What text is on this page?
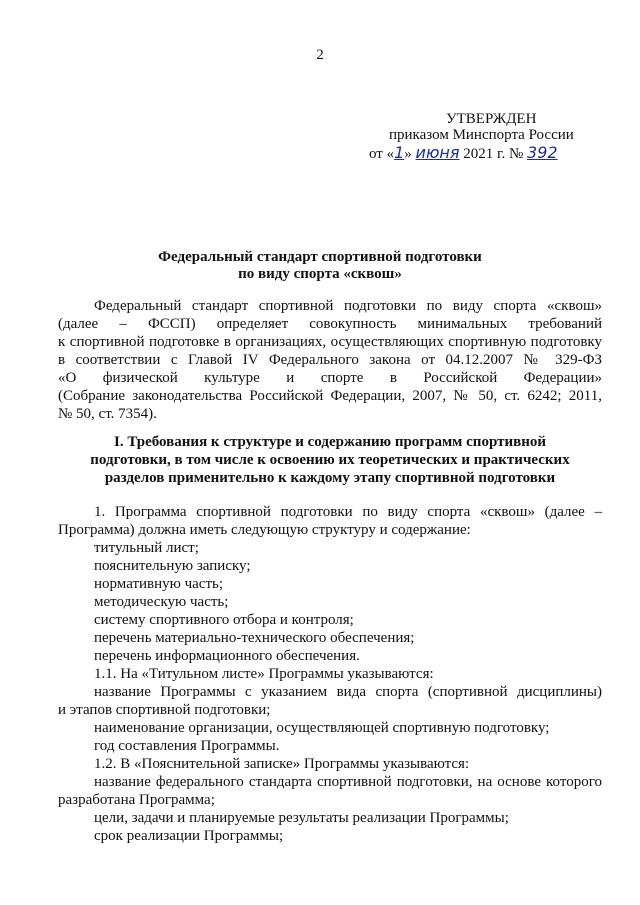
2
УТВЕРЖДЕН
приказом Минспорта России
от «1» июня 2021 г. № 392
Федеральный стандарт спортивной подготовки
по виду спорта «сквош»
Федеральный стандарт спортивной подготовки по виду спорта «сквош»
(далее – ФССП) определяет совокупность минимальных требований
к спортивной подготовке в организациях, осуществляющих спортивную подготовку
в соответствии с Главой IV Федерального закона от 04.12.2007 № 329-ФЗ
«О физической культуре и спорте в Российской Федерации»
(Собрание законодательства Российской Федерации, 2007, № 50, ст. 6242; 2011,
№ 50, ст. 7354).
I. Требования к структуре и содержанию программ спортивной
подготовки, в том числе к освоению их теоретических и практических
разделов применительно к каждому этапу спортивной подготовки
1. Программа спортивной подготовки по виду спорта «сквош» (далее –
Программа) должна иметь следующую структуру и содержание:
титульный лист;
пояснительную записку;
нормативную часть;
методическую часть;
систему спортивного отбора и контроля;
перечень материально-технического обеспечения;
перечень информационного обеспечения.
1.1. На «Титульном листе» Программы указываются:
название Программы с указанием вида спорта (спортивной дисциплины)
и этапов спортивной подготовки;
наименование организации, осуществляющей спортивную подготовку;
год составления Программы.
1.2. В «Пояснительной записке» Программы указываются:
название федерального стандарта спортивной подготовки, на основе которого
разработана Программа;
цели, задачи и планируемые результаты реализации Программы;
срок реализации Программы;
